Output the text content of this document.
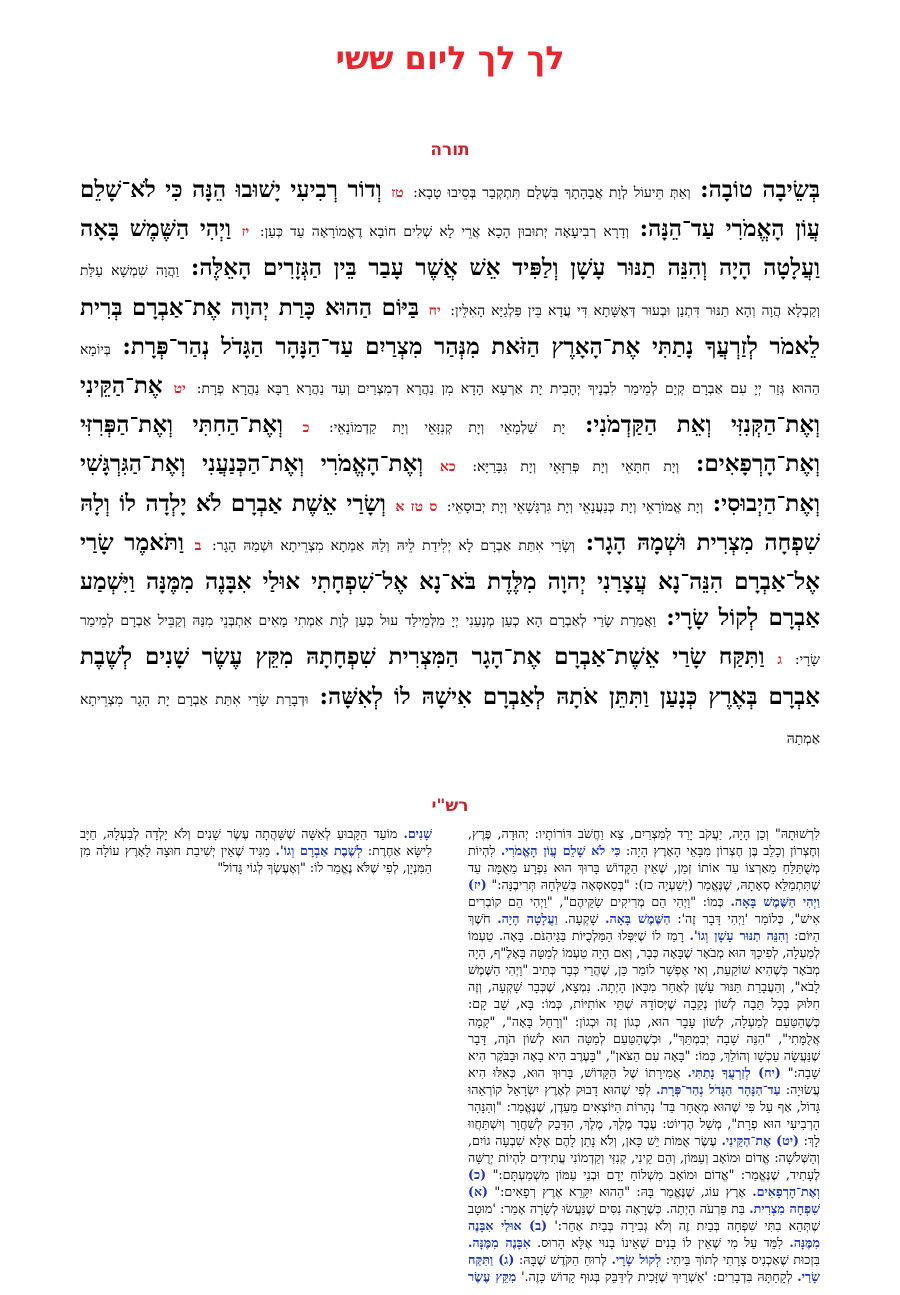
לך לך ליום ששי
תורה
בְּשֵׂיבָה טוֹבָה: וְאַתְּ תֵּיעוֹל לְוָת אֲבָהָתָךְ בִּשְׁלָם תִּתְקְבַר בְּסֵיבוּ טָבָא: טז וְדוֹר רְבִיעִי יָשׁוּבוּ הֵנָּה כִּי לֹא־שָׁלֵם עֲוֹן הָאֱמֹרִי עַד־הֵנָּה: וְדָרָא רְבִיעָאָה יְתוּבוּן הָכָא אֲרֵי לָא שְׁלִים חוֹבָא דֶאֱמוֹרָאָה עַד כְּעַן: יז וַיְהִי הַשֶּׁמֶשׁ בָּאָה וַעֲלָטָה הָיָה וְהִנֵּה תַנּוּר עָשָׁן וְלַפִּיד אֵשׁ אֲשֶׁר עָבַר בֵּין הַגְּזָרִים הָאֵלֶּה: וַהֲוָה שִׁמְשָׁא עַלַּת וְקַבְלָא הֲוָה וְהָא תַנּוּר דִּתְנַן וּבְעוּר דְּאֶשָּׁתָא דִּי עֲדָא בֵּין פַּלְגַיָּא הָאִלֵּין: יח בַּיּוֹם הַהוּא כָּרַת יְהוָה אֶת־אַבְרָם בְּרִית לֵאמֹר לְזַרְעֲךָ נָתַתִּי אֶת־הָאָרֶץ הַזֹּאת מִנְּהַר מִצְרַיִם עַד־הַנָּהָר הַגָּדֹל נְהַר־פְּרָת: בְּיוֹמָא הַהוּא גְּזַר יְיָ עִם אַבְרָם קְיָם לְמֵימַר לִבְנָיךְ יְהָבִית יָת אַרְעָא הָדָא מִן נַהֲרָא דְמִצְרַיִם וְעַד נַהֲרָא רַבָּא נַהֲרָא פְרָת: יט אֶת־הַקֵּינִי וְאֶת־הַקְּנִזִּי וְאֵת הַקַּדְמֹנִי: יָת שַׁלְמָאֵי וְיָת קְנִזָּאֵי וְיָת קַדְמוֹנָאֵי: כ וְאֶת־הַחִתִּי וְאֶת־הַפְּרִזִּי וְאֶת־הָרְפָאִים: וְיָת חִתָּאֵי וְיָת פְּרִזָּאֵי וְיָת גִּבָּרַיָּא: כא וְאֶת־הָאֱמֹרִי וְאֶת־הַכְּנַעֲנִי וְאֶת־הַגִּרְגָּשִׁי וְאֶת־הַיְבוּסִי: וְיָת אֱמוֹרָאֵי וְיָת כְּנַעֲנָאֵי וְיָת גִּרְגָּשָׁאֵי וְיָת יְבוּסָאֵי: ס טז א וְשָׂרַי אֵשֶׁת אַבְרָם לֹא יָלְדָה לוֹ וְלָהּ שִׁפְחָה מִצְרִית וּשְׁמָהּ הָגָר: וְשָׂרַי אִתַּת אַבְרָם לָא יְלִידַת לֵיהּ וְלַהּ אַמְתָא מִצְרֵיתָא וּשְׁמַהּ הָגָר: ב וַתֹּאמֶר שָׂרַי אֶל־אַבְרָם הִנֵּה־נָא עֲצָרַנִי יְהוָה מִלֶּדֶת בֹּא־נָא אֶל־שִׁפְחָתִי אוּלַי אִבָּנֶה מִמֶּנָּה וַיִּשְׁמַע אַבְרָם לְקוֹל שָׂרָי: וַאֲמַרַת שָׂרַי לְאַבְרָם הָא כְעַן מְנָעַנִי יְיָ מִלְּמֵילַד עוּל כְּעַן לְוָת אַמְתִי מָאִים אִתְבְּנֵי מִנַּהּ וְקַבֵּיל אַבְרָם לְמֵימַר שָׂרָי: ג וַתִּקַּח שָׂרַי אֵשֶׁת־אַבְרָם אֶת־הָגָר הַמִּצְרִית שִׁפְחָתָהּ מִקֵּץ עֶשֶׂר שָׁנִים לְשֶׁבֶת אַבְרָם בְּאֶרֶץ כְּנָעַן וַתִּתֵּן אֹתָהּ לְאַבְרָם אִישָׁהּ לוֹ לְאִשָּׁה: וּדְבָרַת שָׂרַי אִתַּת אַבְרָם יָת הָגָר מִצְרֵיתָא אַמְתַהּ
רש"י
לִרְשׁוּתָהּ" וְכֵן הָיָה, יַעֲקֹב יָרַד לְמִצְרַיִם, צֵא וַחֲשֹׁב דּוֹרוֹתָיו: יְהוּדָה, פֶּרֶץ, וְחֶצְרוֹן וְכָלֵב בֶּן חֶצְרוֹן מִבָּאֵי הָאָרֶץ הָיָה: כִּי לֹא שָׁלֵם עֲוֹן הָאֱמֹרִי. לִהְיוֹת מְשֻׁתַּלֵּחַ מֵאַרְצוֹ עַד אוֹתוֹ זְמַן, שֶׁאֵין הַקָּדוֹשׁ בָּרוּךְ הוּא נִפְרָע מֵאֻמָּה עַד שֶׁתִּתְמַלֵּא סְאָתָהּ, שֶׁנֶּאֱמַר (יְשַׁעְיָה כז): "בְּסַאסְּאָה בְּשַׁלְּחָהּ תְּרִיבֶנָּה:" (יז) וַיְהִי הַשֶּׁמֶשׁ בָּאָה. כְּמוֹ: "וַיְהִי הֵם מְרִיקִים שַׂקֵּיהֶם", "וַיְהִי הֵם קוֹבְרִים אִישׁ", כְּלוֹמַר 'וַיְהִי דָּבָר זֶה': הַשֶּׁמֶשׁ בָּאָה. שָׁקְעָה. וַעֲלָטָה הָיָה. חֹשֶׁךְ הַיּוֹם: וְהִנֵּה תַנּוּר עָשָׁן וְגוֹ'. רָמַז לוֹ שֶׁיִּפְּלוּ הַמַּלְכֻיּוֹת בַּגֵּיהִנֹּם. בָּאָה. טַעְמוֹ לְמַעְלָה, לְפִיכָךְ הוּא מְבֹאָר שֶׁבָּאָה כְּבָר, וְאִם הָיָה טַעְמוֹ לְמַטָּה בָּאָלֶ"ף, הָיָה מְבֹאָר כְּשֶׁהִיא שׁוֹקַעַת, וְאִי אֶפְשָׁר לוֹמַר כֵּן, שֶׁהֲרֵי כְּבָר כְּתִיב "וַיְהִי הַשֶּׁמֶשׁ לָבֹא", וְהַעֲבָרַת תַּנּוּר עָשָׁן לְאַחַר מִכָּאן הָיְתָה. נִמְצָא, שֶׁכְּבָר שָׁקְעָה, וְזֶה חִלּוּק בְּכָל תֵּבָה לְשׁוֹן נְקֵבָה שֶׁיְּסוֹדָהּ שְׁתֵּי אוֹתִיּוֹת, כְּמוֹ: בָּא, שָׁב קָם: כְּשֶׁהַטַּעַם לְמַעְלָה, לְשׁוֹן עָבָר הוּא, כְּגוֹן זֶה וּכְגוֹן: "וְרָחֵל בָּאָה", "קָמָה אֲלֻמָּתִי", "הִנֵּה שָׁבָה יְבִמְתֵּךְ", וּכְשֶׁהַטַּעַם לְמַטָּה הוּא לְשׁוֹן הֹוֶה, דָּבָר שֶׁנַּעֲשָׂה עַכְשָׁו וְהוֹלֵךְ, כְּמוֹ: "בָּאָה עִם הַצֹּאן", "בָּעֶרֶב הִיא בָאָה וּבַבֹּקֶר הִיא שָׁבָה:" (יח) לְזַרְעֲךָ נָתַתִּי. אֲמִירָתוֹ שֶׁל הַקָּדוֹשׁ, בָּרוּךְ הוּא, כְּאִלּוּ הִיא עֲשׂוּיָה: עַד־הַנָּהָר הַגָּדֹל נְהַר־פְּרָת. לְפִי שֶׁהוּא דָבוּק לְאֶרֶץ יִשְׂרָאֵל קוֹרְאֵהוּ גָּדוֹל, אַף עַל פִּי שֶׁהוּא מְאֻחָר בַּד' נְהָרוֹת הַיּוֹצְאִים מֵעֵדֶן, שֶׁנֶּאֱמַר: "וְהַנָּהָר הָרְבִיעִי הוּא פְרָת", מְשַׁל הֶדְיוֹט: עֶבֶד מֶלֶךְ, מֶלֶךְ, הִדָּבֵק לְשַׁחֲוָר וְיִשְׁתַּחֲווּ לָךְ: (יט) אֶת־הַקֵּינִי. עֶשֶׂר אֻמּוֹת יֵשׁ כָּאן, וְלֹא נָתַן לָהֶם אֶלָּא שִׁבְעָה גוֹיִם, וְהַשְּׁלֹשָׁה: אֱדוֹם וּמוֹאָב וְעַמּוֹן, וְהֵם קֵינִי, קְנִזִּי וְקַדְמוֹנִי עֲתִידִים לִהְיוֹת יְרֻשָּׁה לֶעָתִיד, שֶׁנֶּאֱמַר: "אֱדוֹם וּמוֹאָב מִשְׁלוֹחַ יָדָם וּבְנֵי עַמּוֹן מִשְׁמַעְתָּם:" (כ) וְאֶת־הָרְפָאִים. אֶרֶץ עוֹג, שֶׁנֶּאֱמַר בָּהּ: "הַהוּא יִקָּרֵא אֶרֶץ רְפָאִים:" (א) שִׁפְחָה מִצְרִית. בַּת פַּרְעֹה הָיְתָה. כְּשֶׁרָאָה נִסִּים שֶׁנַּעֲשׂוּ לְשָׂרָה אָמַר: 'מוּטָב שֶׁתְּהֵא בִתִּי שִׁפְחָה בְּבַיִת זֶה וְלֹא גְבִירָה בְּבַיִת אַחֵר:' (ב) אוּלַי אִבָּנֶה מִמֶּנָּה. לִמֵּד עַל מִי שֶׁאֵין לוֹ בָנִים שֶׁאֵינוֹ בָנוּי אֶלָּא הָרוּס. אִבָּנֶה מִמֶּנָּה. בִּזְכוּת שֶׁאַכְנִיס צָרָתִי לְתוֹךְ בֵּיתִי: לְקוֹל שָׂרָי. לְרוּחַ הַקֹּדֶשׁ שֶׁבָּהּ: (ג) וַתִּקַּח שָׂרַי. לְקָחַתָּהּ בִּדְבָרִים: 'אַשְׁרַיִךְ שֶׁזָּכִית לְידַּבֵּק בְּגוּף קָדוֹשׁ כָּזֶה.' מִקֵּץ עֶשֶׂר שָׁנִים. מוֹעֵד הַקָּבוּעַ לְאִשָּׁה שֶׁשָּׁהֲתָה עֶשֶׂר שָׁנִים וְלֹא יָלְדָה לְבַעְלָהּ, חַיָּב לִישָּׂא אַחֶרֶת: לְשֶׁבֶת אַבְרָם וְגוֹ'. מַגִּיד שֶׁאֵין יְשִׁיבַת חוּצָה לָאָרֶץ עוֹלָה מִן הַמִּנְיָן, לְפִי שֶׁלֹּא נֶאֱמַר לוֹ: "וְאֶעֶשְׂךָ לְגוֹי גָּדוֹל"
